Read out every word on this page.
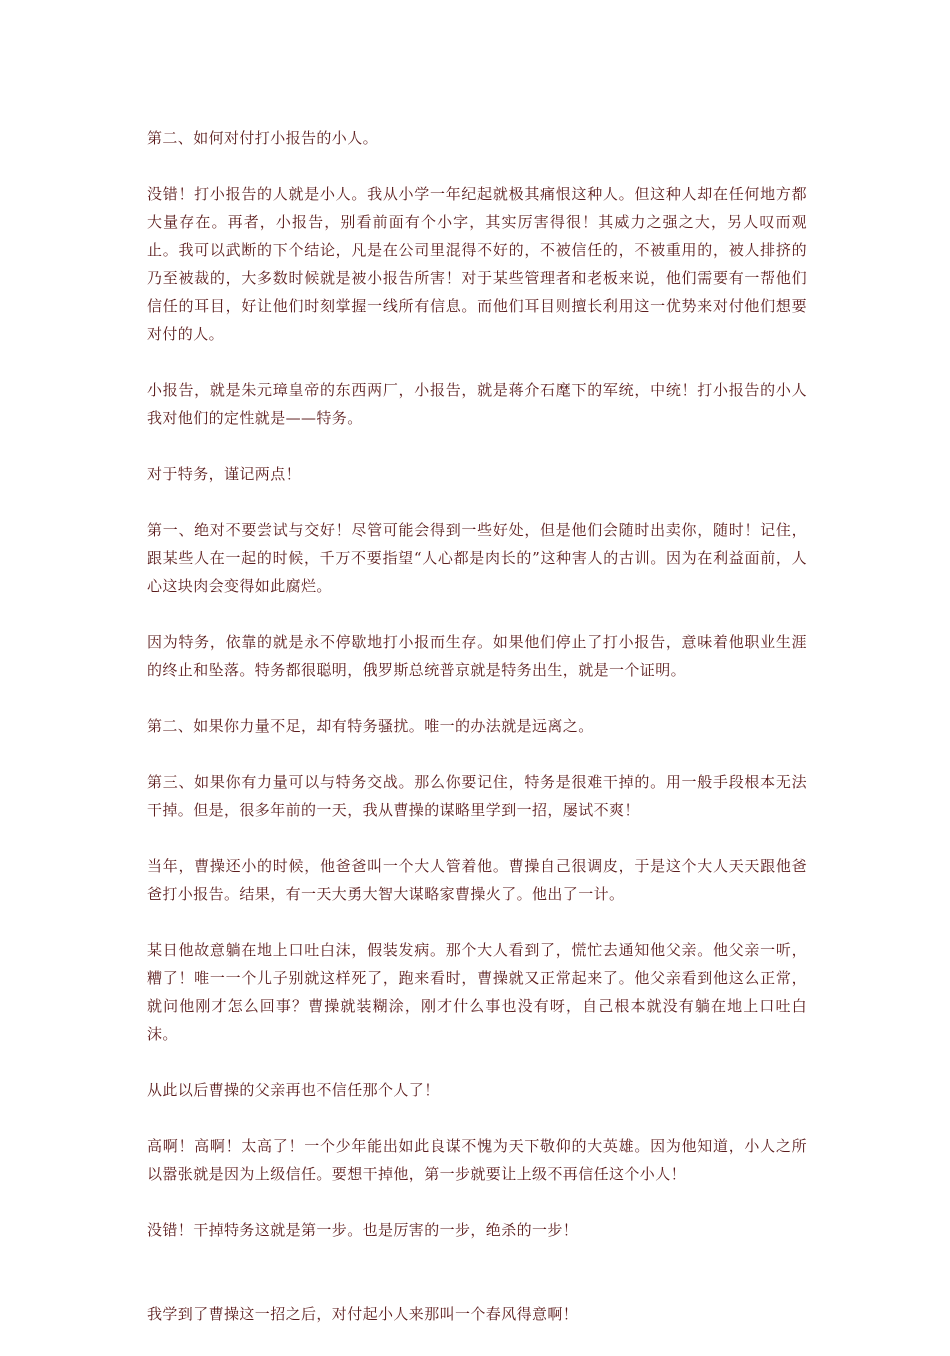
第二、如何对付打小报告的小人。

没错！打小报告的人就是小人。我从小学一年纪起就极其痛恨这种人。但这种人却在任何地方都大量存在。再者，小报告，别看前面有个小字，其实厉害得很！其威力之强之大，另人叹而观止。我可以武断的下个结论，凡是在公司里混得不好的，不被信任的，不被重用的，被人排挤的乃至被裁的，大多数时候就是被小报告所害！对于某些管理者和老板来说，他们需要有一帮他们信任的耳目，好让他们时刻掌握一线所有信息。而他们耳目则擅长利用这一优势来对付他们想要对付的人。

小报告，就是朱元璋皇帝的东西两厂，小报告，就是蒋介石麾下的军统，中统！打小报告的小人我对他们的定性就是——特务。

对于特务，谨记两点！

第一、绝对不要尝试与交好！尽管可能会得到一些好处，但是他们会随时出卖你，随时！记住，跟某些人在一起的时候，千万不要指望“人心都是肉长的”这种害人的古训。因为在利益面前，人心这块肉会变得如此腐烂。

因为特务，依靠的就是永不停歇地打小报而生存。如果他们停止了打小报告，意味着他职业生涯的终止和坠落。特务都很聪明，俄罗斯总统普京就是特务出生，就是一个证明。

第二、如果你力量不足，却有特务骚扰。唯一的办法就是远离之。

第三、如果你有力量可以与特务交战。那么你要记住，特务是很难干掉的。用一般手段根本无法干掉。但是，很多年前的一天，我从曹操的谋略里学到一招，屡试不爽！

当年，曹操还小的时候，他爸爸叫一个大人管着他。曹操自己很调皮，于是这个大人天天跟他爸爸打小报告。结果，有一天大勇大智大谋略家曹操火了。他出了一计。

某日他故意躺在地上口吐白沫，假装发病。那个大人看到了，慌忙去通知他父亲。他父亲一听，糟了！唯一一个儿子别就这样死了，跑来看时，曹操就又正常起来了。他父亲看到他这么正常，就问他刚才怎么回事？曹操就装糊涂，刚才什么事也没有呀，自己根本就没有躺在地上口吐白沫。

从此以后曹操的父亲再也不信任那个人了！

高啊！高啊！太高了！一个少年能出如此良谋不愧为天下敬仰的大英雄。因为他知道，小人之所以嚣张就是因为上级信任。要想干掉他，第一步就要让上级不再信任这个小人！

没错！干掉特务这就是第一步。也是厉害的一步，绝杀的一步！

我学到了曹操这一招之后，对付起小人来那叫一个春风得意啊！
